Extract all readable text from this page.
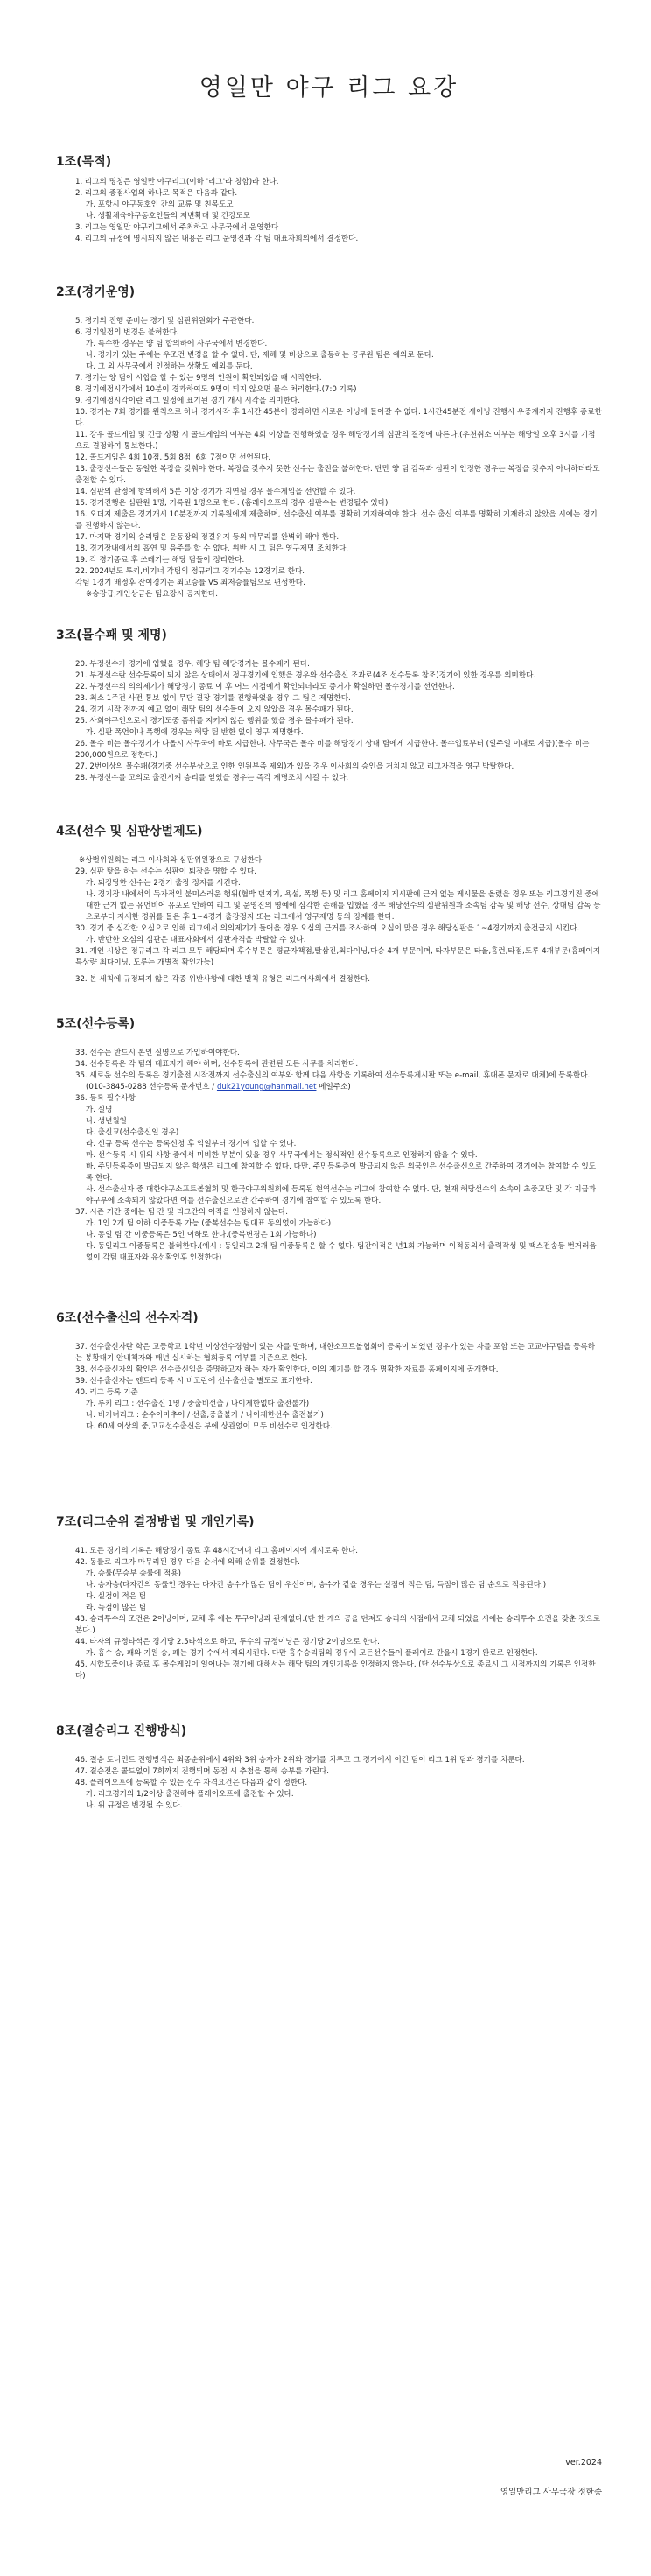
영일만 야구 리그 요강
1조(목적)
1. 리그의 명칭은 영일만 야구리그(이하 '리그'라 칭함)라 한다.
2. 리그의 중점사업의 하나로 목적은 다음과 같다.
가. 포항시 야구동호인 간의 교류 및 친목도모
나. 생활체육야구동호인들의 저변확대 및 건강도모
3. 리그는 영일만 야구리그에서 주최하고 사무국에서 운영한다
4. 리그의 규정에 명시되지 않은 내용은 리그 운영진과 각 팀 대표자회의에서 결정한다.
2조(경기운영)
5. 경기의 진행 준비는 경기 및 심판위원회가 주관한다.
6. 경기일정의 변경은 불허한다.
가. 특수한 경우는 양 팀 합의하에 사무국에서 변경한다.
나. 경기가 있는 주에는 우조건 변경을 할 수 없다. 단, 재해 및 비상으로 출동하는 공무원 팀은 예외로 둔다.
다. 그 외 사무국에서 인정하는 상황도 예외를 둔다.
7. 경기는 양 팀이 시합을 할 수 있는 9명의 인원이 확인되었을 때 시작한다.
8. 경기예정시각에서 10분이 경과하여도 9명이 되지 않으면 몰수 처리한다.(7:0 기록)
9. 경기예정시각이란 리그 일정에 표기된 경기 개시 시각을 의미한다.
10. 경기는 7회 경기를 원칙으로 하나 경기시작 후 1시간 45분이 경과하면 새로운 이닝에 들어갈 수 없다. 1시간45분전 새이닝 진행시 우중계까지 진행후 종료한다.
11. 강우 콜드게임 및 긴급 상황 시 콜드게임의 여부는 4회 이상을 진행하였을 경우 해당경기의 심판의 결정에 따른다.(우천취소 여부는 해당일 오후 3시를 기점으로 결정하여 통보한다.)
12. 콜드게임은 4회 10점, 5회 8점, 6회 7점이면 선언된다.
13. 출장선수들은 동일한 복장을 갖춰야 한다. 복장을 갖추지 못한 선수는 출전을 불허한다. 단만 양 팀 감독과 심판이 인정한 경우는 복장을 갖추지 아니하더라도 출전할 수 있다.
14. 심판의 판정에 항의해서 5분 이상 경기가 지연될 경우 몰수게임을 선언할 수 있다.
15. 경기진행은 심판원 1명, 기록원 1명으로 한다. (홈레이오프의 경우 심판수는 변경될수 있다)
16. 오더지 제출은 경기개시 10분전까지 기록원에게 제출하며, 선수출신 여부를 명확히 기재하여야 한다. 선수 출신 여부를 명확히 기재하지 않았을 시에는 경기를 진행하지 않는다.
17. 마지막 경기의 승리팀은 운동장의 정결유지 등의 마무리를 완벽히 해야 한다.
18. 경기장내에서의 흡연 및 음주를 할 수 없다. 위반 시 그 팀은 영구제명 조치한다.
19. 각 경기종료 후 쓰레기는 해당 팀들이 정리한다.
22. 2024년도 투키,비기너 각팀의 정규리그 경기수는 12경기로 한다.
각팀 1경기 배정후 잔여경기는 최고승률 VS 최저승률팀으로 편성한다.
※승강급,개인상금은 팀요강시 공지한다.
3조(몰수패 및 제명)
20. 부정선수가 경기에 입했을 경우, 해당 팀 해당경기는 몰수패가 된다.
21. 부정선수란 선수등록이 되지 않은 상태에서 정규경기에 입했을 경우와 선수출신 조과로(4조 선수등록 참조)경기에 있한 경우를 의미한다.
22. 부정선수의 의의제기가 해당경기 종료 이 후 어느 시점에서 확인되더라도 증거가 확실하면 몰수경기를 선언한다.
23. 최소 1주전 사전 통보 없이 무단 결장 경기를 진행하였을 경우 그 팀은 제명한다.
24. 경기 시작 전까지 예고 없이 해당 팀의 선수들이 오지 않았을 경우 몰수패가 된다.
25. 사회야구인으로서 경기도중 품위를 지키지 않은 행위를 했을 경우 몰수패가 된다.
가. 심판 폭언이나 폭행에 경우는 해당 팀 반한 없이 영구 제명한다.
26. 몰수 비는 몰수경기가 나올시 사무국에 바로 지급한다. 사무국은 몰수 비를 해당경기 상대 팀에게 지급한다. 몰수업료부터 (일주일 이내로 지급)(몰수 비는 200,000원으로 정한다.)
27. 2번이상의 몰수패(경기중 선수부상으로 인한 인원부족 제외)가 있을 경우 이사회의 승인을 거치지 않고 리그자격을 영구 박탈한다.
28. 부정선수를 고의로 출전시켜 승리를 얻었을 경우는 즉각 제명조치 시킬 수 있다.
4조(선수 및 심판상벌제도)
※상벌위원회는 리그 이사회와 심판위원장으로 구성한다.
29. 심판 탓을 하는 선수는 심판이 퇴장을 명할 수 있다.
가. 퇴장당한 선수는 2경기 출장 정지를 시킨다.
나. 경기장 내에서의 독자적인 불미스러운 행위(협박 던지기, 욕설, 폭행 등) 및 리그 홈페이지 게시판에 근거 없는 게시물을 올렸을 경우 또는 리그경기진 중에 대한 근거 없는 유언비어 유포로 인하여 리그 및 운영진의 명예에 심각한 손해를 입혔을 경우 해당선수의 심판위원과 소속팀 감독 및 해당 선수, 상대팀 감독 등으로부터 자세한 경위를 들은 후 1~4경기 출장정지 또는 리그에서 영구제명 등의 징계를 한다.
30. 경기 중 심각한 오심으로 인해 리그에서 의의제기가 들어올 경우 오심의 근거를 조사하여 오심이 맞을 경우 해당심판을 1~4경기까지 출전금지 시킨다.
가. 반반한 오심의 심판은 대표자회에서 심판자격을 박탈할 수 있다.
31. 개인 시상은 정규리그 각 리그 모두 해당되며 후수부문은 평균자책점,탈삼진,최다이닝,다승 4개 부문이며, 타자부문은 타율,홈런,타점,도루 4개부문(홈페이지 특상량 최다이닝, 도루는 개별적 확인가능)
32. 본 세칙에 규정되지 않은 각종 위반사항에 대한 벌칙 유형은 리그이사회에서 결정한다.
5조(선수등록)
33. 선수는 반드시 본인 실명으로 가입하여야한다.
34. 선수등록은 각 팀의 대표자가 해야 하며, 선수등록에 관련된 모든 사무를 처리한다.
35. 새로운 선수의 등록은 경기출전 시작전까지 선수출신의 여부와 함께 다음 사항을 기록하여 선수등록게시판 또는 e-mail, 휴대폰 문자로 대체)에 등록한다.
(010-3845-0288 선수등록 문자번호 / duk21young@hanmail.net 메일주소)
36. 등록 필수사항
가. 실명
나. 생년월일
다. 출신교(선수출신일 경우)
라. 신규 등록 선수는 등록신청 후 익일부터 경기에 입할 수 있다.
마. 선수등록 시 위의 사항 중에서 미비한 부분이 있을 경우 사무국에서는 정식적인 선수등록으로 인정하지 않을 수 있다.
바. 주민등록증이 발급되지 않은 학생은 리그에 참여할 수 없다. 다만, 주민등록증이 발급되지 않은 외국인은 선수출신으로 간주하여 경기에는 참여할 수 있도록 한다.
사. 선수출신자 중 대한야구소프트볼협회 및 한국야구위원회에 등록된 현역선수는 리그에 참여할 수 없다. 단, 현재 해당선수의 소속이 초중고만 및 각 지급과 야구부에 소속되지 않았다면 이를 선수출신으로만 간주하여 경기에 참여할 수 있도록 한다.
37. 시즌 기간 중에는 팀 간 및 리그간의 이적을 인정하지 않는다.
가. 1인 2개 팀 이하 이중등록 가능 (중복선수는 팀대표 동의없이 가능하다)
나. 동일 팀 간 이중등록은 5인 이하로 한다.(중복변경은 1회 가능하다)
다. 동일리그 이중등록은 불허한다.(예시 : 동일리그 2개 팀 이중등록은 할 수 없다. 팀간이적은 년1회 가능하며 이적동의서 출력작성 및 팩스전송등 번거러움 없이 각팀 대표자와 유선확인후 인정한다)
6조(선수출신의 선수자격)
37. 선수출신자란 학은 고등학교 1학년 이상선수경험이 있는 자를 말하며, 대한소프트볼협회에 등록이 되었던 경우가 있는 자를 포함 또는 고교야구팀을 등록하는 봉황대기 안내책자와 매년 실시하는 협회등록 여부를 기준으로 한다.
38. 선수출신자의 확인은 선수출신임을 증명하고자 하는 자가 확인한다. 이의 제기를 할 경우 명확한 자료를 홈페이지에 공개한다.
39. 선수출신자는 엔트리 등록 시 비고란에 선수출신을 별도로 표기한다.
40. 리그 등록 기준
가. 루키 리그 : 선수출신 1명 / 중출비선출 / 나이제한없다 출전불가)
나. 비기너리그 : 순수아마추어 / 선출,중출불가 / 나이제한선수 출전불가)
다. 60세 이상의 중,고교선수출신은 부에 상관없이 모두 비선수로 인정한다.
7조(리그순위 결정방법 및 개인기록)
41. 모든 경기의 기록은 해당경기 종료 후 48시간이내 리그 홈페이지에 게시토록 한다.
42. 동률로 리그가 마무리된 경우 다음 순서에 의해 순위를 결정한다.
가. 승률(무승부 승률에 적용)
나. 승자승(다자간의 동률인 경우는 다자간 승수가 많은 팀이 우선이며, 승수가 같을 경우는 실점이 적은 팀, 득점이 많은 팀 순으로 적용된다.)
다. 실점이 적은 팀
라. 득점이 많은 팀
43. 승리투수의 조건은 2이닝이며, 교체 후 에는 투구이닝과 관계없다.(단 한 개의 공을 던져도 승리의 시점에서 교체 되었을 시에는 승리투수 요건을 갖춘 것으로 본다.)
44. 타자의 규정타석은 경기당 2.5타석으로 하고, 투수의 규정이닝은 경기당 2이닝으로 한다.
가. 홈수 승, 패와 기원 승, 패는 경기 수에서 제외시킨다. 다만 홈수승리팀의 경우에 모든선수들이 플레이로 간을시 1경기 완료로 인정한다.
45. 시합도중이나 종료 후 몰수게임이 일어나는 경기에 대해서는 해당 팀의 개인기록을 인정하지 않는다. (단 선수부상으로 종료시 그 시점까지의 기록은 인정한다)
8조(결승리그 진행방식)
46. 결승 토너먼트 진행방식은 최종순위에서 4위와 3위 승자가 2위와 경기를 치루고 그 경기에서 이긴 팀이 리그 1위 팀과 경기를 치룬다.
47. 결승전은 콜드없이 7회까지 진행되며 동점 시 추첨을 통해 승부를 가린다.
48. 플레이오프에 등록할 수 있는 선수 자격요건은 다음과 같이 정한다.
가. 리그경기의 1/2이상 출전해야 플레이오프에 출전할 수 있다.
나. 위 규정은 변경될 수 있다.
ver.2024
영일만리그 사무국장 정한종
